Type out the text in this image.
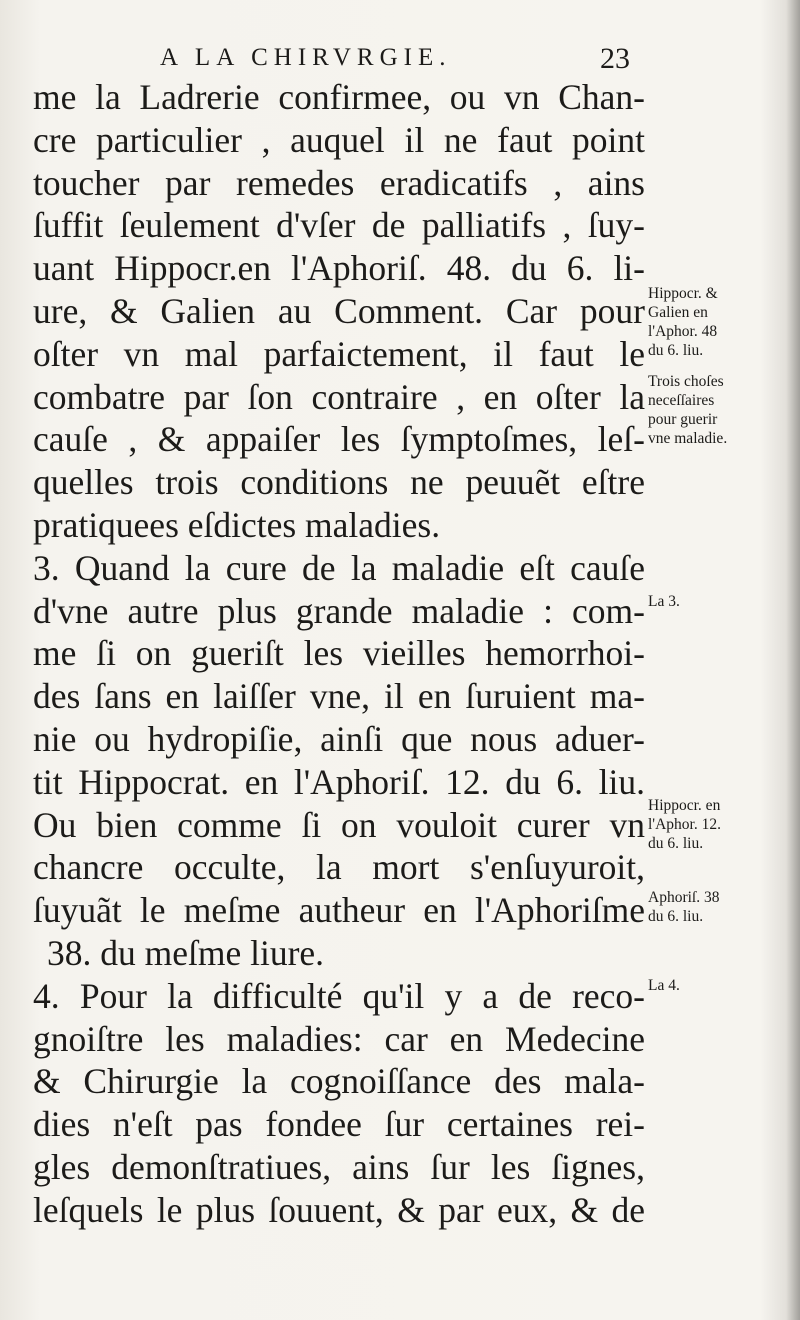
A LA CHIRVRGIE.	23
me la Ladrerie confirmee, ou vn Chan-
cre particulier , auquel il ne faut point
toucher par remedes eradicatifs , ains
ſuffit ſeulement d'vſer de palliatifs , ſuy-
uant Hippocr.en l'Aphoriſ. 48. du 6. li-
ure, & Galien au Comment. Car pour
oſter vn mal parfaictement, il faut le
combatre par ſon contraire , en oſter la
cauſe , & appaiſer les ſymptoſmes, leſ-
quelles trois conditions ne peuuẽt eſtre
pratiquees eſdictes maladies.
3. Quand la cure de la maladie eſt cauſe
d'vne autre plus grande maladie : com-
me ſi on gueriſt les vieilles hemorrhoi-
des ſans en laiſſer vne, il en ſuruient ma-
nie ou hydropiſie, ainſi que nous aduer-
tit Hippocrat. en l'Aphoriſ. 12. du 6. liu.
Ou bien comme ſi on vouloit curer vn
chancre occulte, la mort s'enſuyuroit,
ſuyuãt le meſme autheur en l'Aphoriſme
38. du meſme liure.
4. Pour la difficulté qu'il y a de reco-
gnoiſtre les maladies: car en Medecine
& Chirurgie la cognoiſſance des mala-
dies n'eſt pas fondee ſur certaines rei-
gles demonſtratiues, ains ſur les ſignes,
leſquels le plus ſouuent, & par eux, & de
Hippocr. &
Galien en
l'Aphor. 48
du 6. liu.
Trois choſes
neceſſaires
pour guerir
vne maladie.
La 3.
Hippocr. en
l'Aphor. 12.
du 6. liu.
Aphoriſ. 38
du 6. liu.
La 4.
